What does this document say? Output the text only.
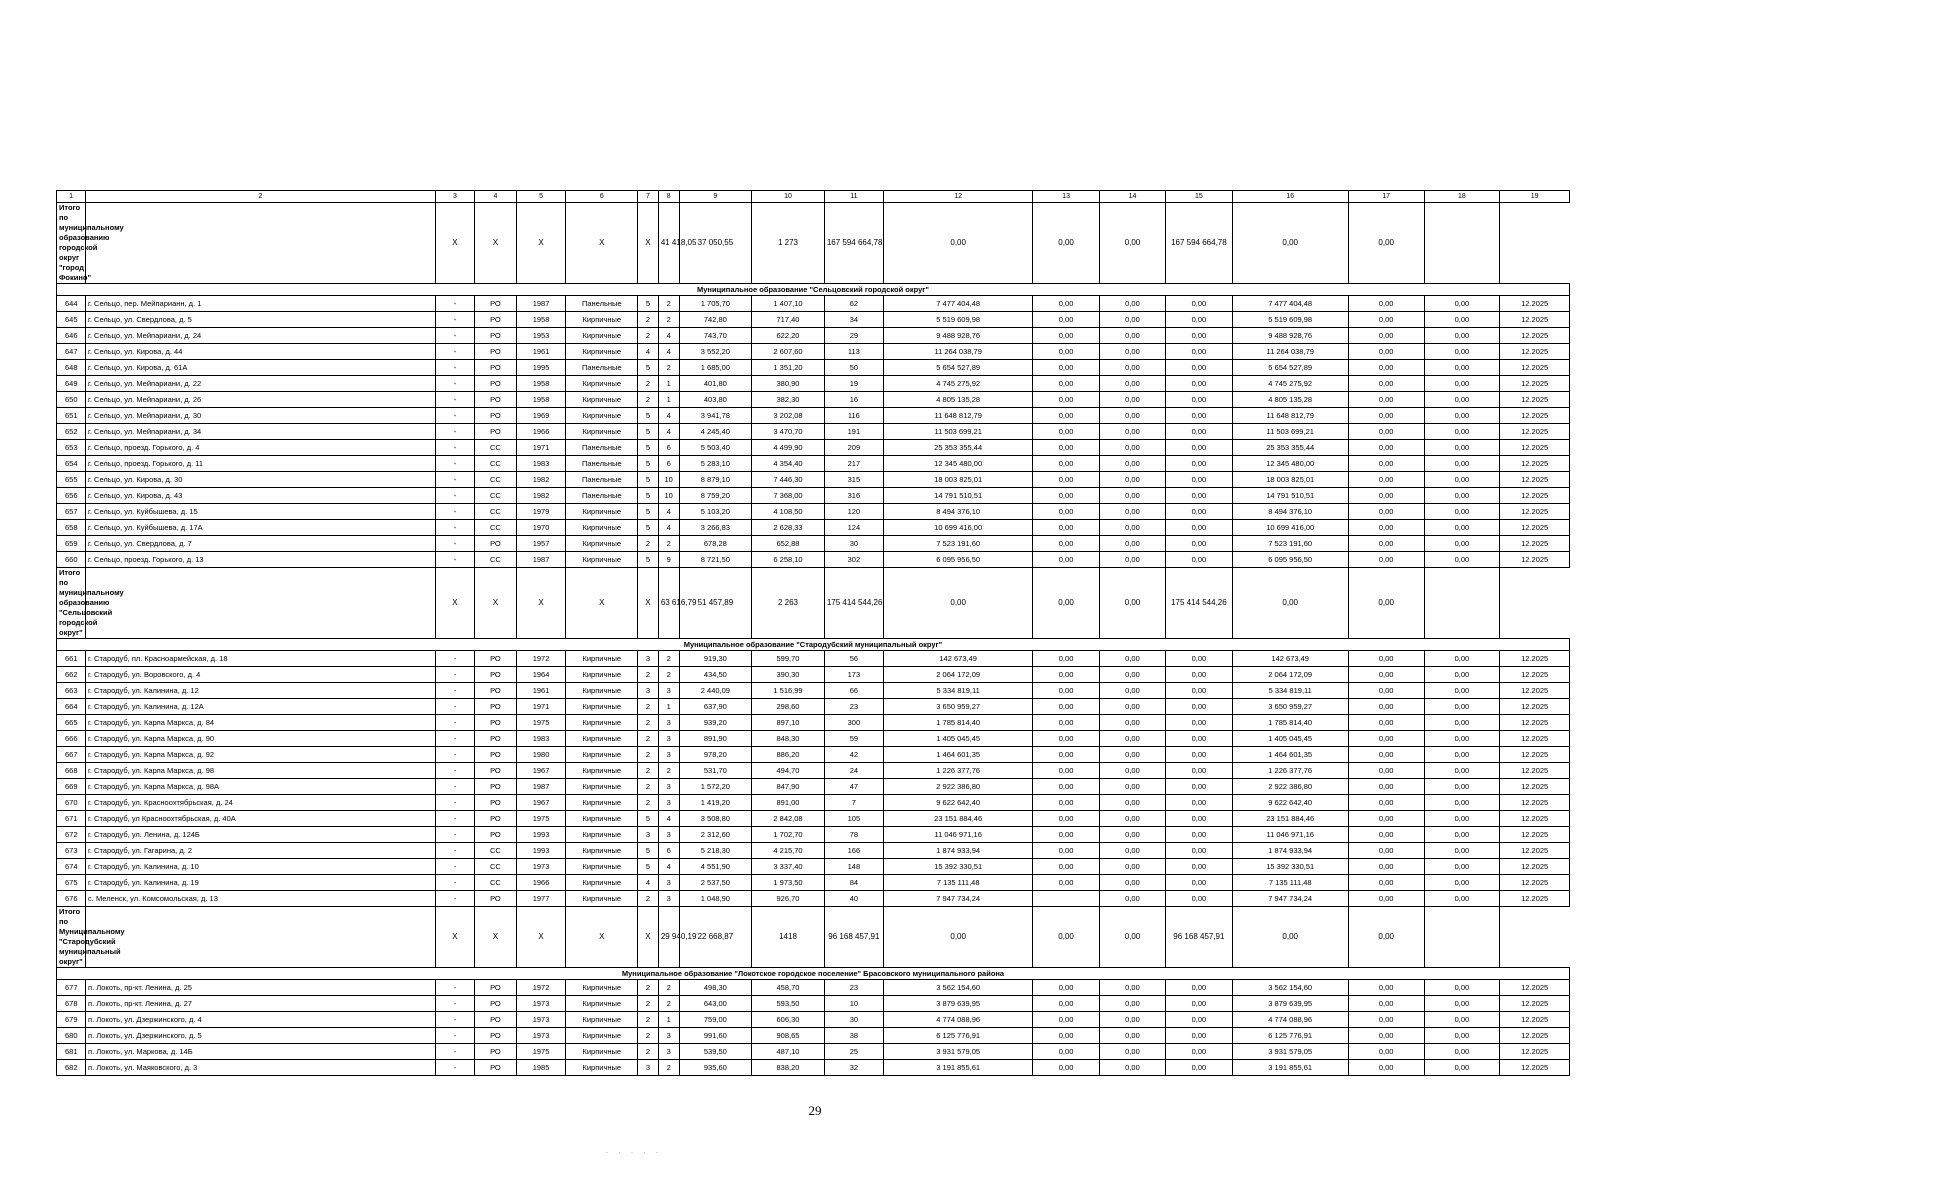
1	2	3	4	5	6	7	8	9	10	11	12	13	14	15	16	17	18	19
Итого по муниципальному образованию городской округ "город Фокино"		X	X	X	X	X	41 418,05	37 050,55	1 273	167 594 664,78	0,00	0,00	0,00	167 594 664,78	0,00	0,00		
Муниципальное образование "Сельцовский городской округ"																		
644	г. Сельцо, пер. Мейпарианн, д. 1	-	РО	1987	Панельные	5	2	1 705,70	1 407,10	62	7 477 404,48	0,00	0,00	0,00	7 477 404,48	0,00	0,00	12.2025
645	г. Сельцо, ул. Свердлова, д. 5	-	РО	1958	Кирпичные	2	2	742,80	717,40	34	5 519 609,98	0,00	0,00	0,00	5 519 609,98	0,00	0,00	12.2025
646	г. Сельцо, ул. Мейпариани, д. 24	-	РО	1953	Кирпичные	2	4	743,70	622,20	29	9 488 928,76	0,00	0,00	0,00	9 488 928,76	0,00	0,00	12.2025
647	г. Сельцо, ул. Кирова, д. 44	-	РО	1961	Кирпичные	4	4	3 552,20	2 607,60	113	11 264 038,79	0,00	0,00	0,00	11 264 038,79	0,00	0,00	12.2025
648	г. Сельцо, ул. Кирова, д. 61А	-	РО	1995	Панельные	5	2	1 685,00	1 351,20	50	5 654 527,89	0,00	0,00	0,00	5 654 527,89	0,00	0,00	12.2025
649	г. Сельцо, ул. Мейпариани, д. 22	-	РО	1958	Кирпичные	2	1	401,80	380,90	19	4 745 275,92	0,00	0,00	0,00	4 745 275,92	0,00	0,00	12.2025
650	г. Сельцо, ул. Мейпариани, д. 26	-	РО	1958	Кирпичные	2	1	403,80	382,30	16	4 805 135,28	0,00	0,00	0,00	4 805 135,28	0,00	0,00	12.2025
651	г. Сельцо, ул. Мейпариани, д. 30	-	РО	1969	Кирпичные	5	4	3 941,78	3 202,08	116	11 648 812,79	0,00	0,00	0,00	11 648 812,79	0,00	0,00	12.2025
652	г. Сельцо, ул. Мейпариани, д. 34	-	РО	1966	Кирпичные	5	4	4 245,40	3 470,70	191	11 503 699,21	0,00	0,00	0,00	11 503 699,21	0,00	0,00	12.2025
653	г. Сельцо, проезд. Горького, д. 4	-	СС	1971	Панельные	5	6	5 503,40	4 499,90	209	25 353 355,44	0,00	0,00	0,00	25 353 355,44	0,00	0,00	12.2025
654	г. Сельцо, проезд. Горького, д. 11	-	СС	1983	Панельные	5	6	5 283,10	4 354,40	217	12 345 480,00	0,00	0,00	0,00	12 345 480,00	0,00	0,00	12.2025
655	г. Сельцо, ул. Кирова, д. 30	-	СС	1982	Панельные	5	10	8 879,10	7 446,30	315	18 003 825,01	0,00	0,00	0,00	18 003 825,01	0,00	0,00	12.2025
656	г. Сельцо, ул. Кирова, д. 43	-	СС	1982	Панельные	5	10	8 759,20	7 368,00	316	14 791 510,51	0,00	0,00	0,00	14 791 510,51	0,00	0,00	12.2025
657	г. Сельцо, ул. Куйбышева, д. 15	-	СС	1979	Кирпичные	5	4	5 103,20	4 108,50	120	8 494 376,10	0,00	0,00	0,00	8 494 376,10	0,00	0,00	12.2025
658	г. Сельцо, ул. Куйбышева, д. 17А	-	СС	1970	Кирпичные	5	4	3 266,83	2 628,33	124	10 699 416,00	0,00	0,00	0,00	10 699 416,00	0,00	0,00	12.2025
659	г. Сельцо, ул. Свердлова, д. 7	-	РО	1957	Кирпичные	2	2	678,28	652,88	30	7 523 191,60	0,00	0,00	0,00	7 523 191,60	0,00	0,00	12.2025
660	г. Сельцо, проезд. Горького, д. 13	-	СС	1987	Кирпичные	5	9	8 721,50	6 258,10	302	6 095 956,50	0,00	0,00	0,00	6 095 956,50	0,00	0,00	12.2025
Итого по муниципальному образованию "Сельцовский городской округ"		X	X	X	X	X	63 616,79	51 457,89	2 263	175 414 544,26	0,00	0,00	0,00	175 414 544,26	0,00	0,00		
Муниципальное образование "Стародубский муниципальный округ"																		
661	г. Стародуб, пл. Красноармейская, д. 18	-	РО	1972	Кирпичные	3	2	919,30	599,70	56	142 673,49	0,00	0,00	0,00	142 673,49	0,00	0,00	12.2025
662	г. Стародуб, ул. Воровского, д. 4	-	РО	1964	Кирпичные	2	2	434,50	390,30	173	2 064 172,09	0,00	0,00	0,00	2 064 172,09	0,00	0,00	12.2025
663	г. Стародуб, ул. Калинина, д. 12	-	РО	1961	Кирпичные	3	3	2 440,09	1 516,99	66	5 334 819,11	0,00	0,00	0,00	5 334 819,11	0,00	0,00	12.2025
664	г. Стародуб, ул. Калинина, д. 12А	-	РО	1971	Кирпичные	2	1	637,90	298,60	23	3 650 959,27	0,00	0,00	0,00	3 650 959,27	0,00	0,00	12.2025
665	г. Стародуб, ул. Карла Маркса, д. 84	-	РО	1975	Кирпичные	2	3	939,20	897,10	300	1 785 814,40	0,00	0,00	0,00	1 785 814,40	0,00	0,00	12.2025
666	г. Стародуб, ул. Карла Маркса, д. 90	-	РО	1983	Кирпичные	2	3	891,90	848,30	59	1 405 045,45	0,00	0,00	0,00	1 405 045,45	0,00	0,00	12.2025
667	г. Стародуб, ул. Карла Маркса, д. 92	-	РО	1980	Кирпичные	2	3	978,20	886,20	42	1 464 601,35	0,00	0,00	0,00	1 464 601,35	0,00	0,00	12.2025
668	г. Стародуб, ул. Карла Маркса, д. 98	-	РО	1967	Кирпичные	2	2	531,70	494,70	24	1 226 377,76	0,00	0,00	0,00	1 226 377,76	0,00	0,00	12.2025
669	г. Стародуб, ул. Карла Маркса, д. 98А	-	РО	1987	Кирпичные	2	3	1 572,20	847,90	47	2 922 386,80	0,00	0,00	0,00	2 922 386,80	0,00	0,00	12.2025
670	г. Стародуб, ул. Красноохтябрьская, д. 24	-	РО	1967	Кирпичные	2	3	1 419,20	891,00	7	9 622 642,40	0,00	0,00	0,00	9 622 642,40	0,00	0,00	12.2025
671	г. Стародуб, ул Красноохтябрьская, д. 40А	-	РО	1975	Кирпичные	5	4	3 508,80	2 842,08	105	23 151 884,46	0,00	0,00	0,00	23 151 884,46	0,00	0,00	12.2025
672	г. Стародуб, ул. Ленина, д. 124Б	-	РО	1993	Кирпичные	3	3	2 312,60	1 702,70	78	11 046 971,16	0,00	0,00	0,00	11 046 971,16	0,00	0,00	12.2025
673	г. Стародуб, ул. Гагарина, д. 2	-	СС	1993	Кирпичные	5	6	5 218,30	4 215,70	166	1 874 933,94	0,00	0,00	0,00	1 874 933,94	0,00	0,00	12.2025
674	г. Стародуб, ул. Калинина, д. 10	-	СС	1973	Кирпичные	5	4	4 551,90	3 337,40	148	15 392 330,51	0,00	0,00	0,00	15 392 330,51	0,00	0,00	12.2025
675	г. Стародуб, ул. Калинина, д. 19	-	СС	1966	Кирпичные	4	3	2 537,50	1 973,50	84	7 135 111,48	0,00	0,00	0,00	7 135 111,48	0,00	0,00	12.2025
676	с. Меленск, ул. Комсомольская, д. 13	-	РО	1977	Кирпичные	2	3	1 048,90	926,70	40	7 947 734,24		0,00	0,00	7 947 734,24	0,00	0,00	12.2025
Итого по Муниципальному "Стародубский муниципальный округ"		X	X	X	X	X	29 940,19	22 668,87	1418	96 168 457,91	0,00	0,00	0,00	96 168 457,91	0,00	0,00		
Муниципальное образование "Локотское городское поселение" Брасовского муниципального района																		
677	п. Локоть, пр-кт. Ленина, д. 25	-	РО	1972	Кирпичные	2	2	498,30	458,70	23	3 562 154,60	0,00	0,00	0,00	3 562 154,60	0,00	0,00	12.2025
678	п. Локоть, пр-кт. Ленина, д. 27	-	РО	1973	Кирпичные	2	2	643,00	593,50	10	3 879 639,95	0,00	0,00	0,00	3 879 639,95	0,00	0,00	12.2025
679	п. Локоть, ул. Дзержинского, д. 4	-	РО	1973	Кирпичные	2	1	759,00	606,30	30	4 774 088,96	0,00	0,00	0,00	4 774 088,96	0,00	0,00	12.2025
680	п. Локоть, ул. Дзержинского, д. 5	-	РО	1973	Кирпичные	2	3	991,60	908,65	38	6 125 776,91	0,00	0,00	0,00	6 125 776,91	0,00	0,00	12.2025
681	п. Локоть, ул. Маркова, д. 14Б	-	РО	1975	Кирпичные	2	3	539,50	487,10	25	3 931 579,05	0,00	0,00	0,00	3 931 579,05	0,00	0,00	12.2025
682	п. Локоть, ул. Маяковского, д. 3	-	РО	1985	Кирпичные	3	2	935,60	838,20	32	3 191 855,61	0,00	0,00	0,00	3 191 855,61	0,00	0,00	12.2025
29
. . . . .
